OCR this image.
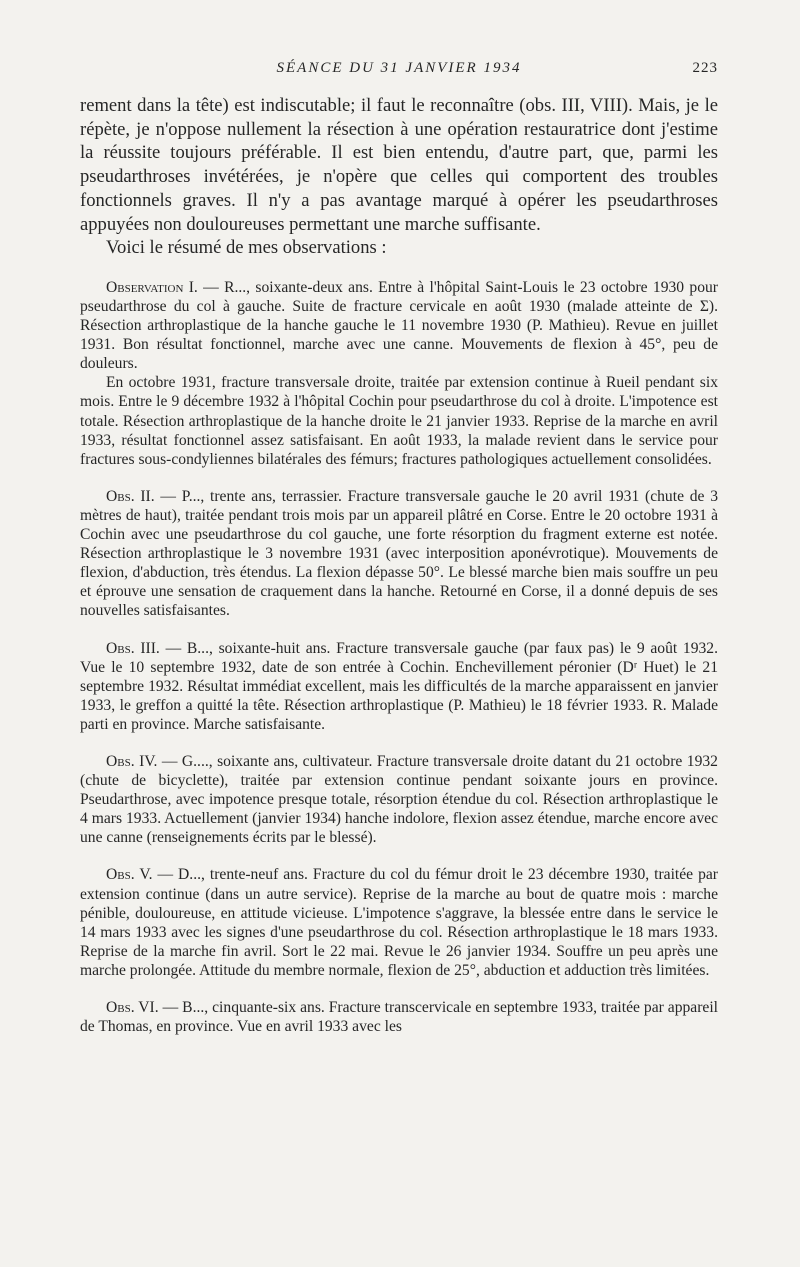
SÉANCE DU 31 JANVIER 1934	223

rement dans la tête) est indiscutable; il faut le reconnaître (obs. III, VIII). Mais, je le répète, je n'oppose nullement la résection à une opération restauratrice dont j'estime la réussite toujours préférable. Il est bien entendu, d'autre part, que, parmi les pseudarthroses invétérées, je n'opère que celles qui comportent des troubles fonctionnels graves. Il n'y a pas avantage marqué à opérer les pseudarthroses appuyées non douloureuses permettant une marche suffisante.

Voici le résumé de mes observations :

Observation I. — R..., soixante-deux ans. Entre à l'hôpital Saint-Louis le 23 octobre 1930 pour pseudarthrose du col à gauche. Suite de fracture cervicale en août 1930 (malade atteinte de Σ). Résection arthroplastique de la hanche gauche le 11 novembre 1930 (P. Mathieu). Revue en juillet 1931. Bon résultat fonctionnel, marche avec une canne. Mouvements de flexion à 45°, peu de douleurs.

En octobre 1931, fracture transversale droite, traitée par extension continue à Rueil pendant six mois. Entre le 9 décembre 1932 à l'hôpital Cochin pour pseudarthrose du col à droite. L'impotence est totale. Résection arthroplastique de la hanche droite le 21 janvier 1933. Reprise de la marche en avril 1933, résultat fonctionnel assez satisfaisant. En août 1933, la malade revient dans le service pour fractures sous-condyliennes bilatérales des fémurs; fractures pathologiques actuellement consolidées.

Obs. II. — P..., trente ans, terrassier. Fracture transversale gauche le 20 avril 1931 (chute de 3 mètres de haut), traitée pendant trois mois par un appareil plâtré en Corse. Entre le 20 octobre 1931 à Cochin avec une pseudarthrose du col gauche, une forte résorption du fragment externe est notée. Résection arthroplastique le 3 novembre 1931 (avec interposition aponévrotique). Mouvements de flexion, d'abduction, très étendus. La flexion dépasse 50°. Le blessé marche bien mais souffre un peu et éprouve une sensation de craquement dans la hanche. Retourné en Corse, il a donné depuis de ses nouvelles satisfaisantes.

Obs. III. — B..., soixante-huit ans. Fracture transversale gauche (par faux pas) le 9 août 1932. Vue le 10 septembre 1932, date de son entrée à Cochin. Enchevillement péronier (Dʳ Huet) le 21 septembre 1932. Résultat immédiat excellent, mais les difficultés de la marche apparaissent en janvier 1933, le greffon a quitté la tête. Résection arthroplastique (P. Mathieu) le 18 février 1933. R. Malade parti en province. Marche satisfaisante.

Obs. IV. — G...., soixante ans, cultivateur. Fracture transversale droite datant du 21 octobre 1932 (chute de bicyclette), traitée par extension continue pendant soixante jours en province. Pseudarthrose, avec impotence presque totale, résorption étendue du col. Résection arthroplastique le 4 mars 1933. Actuellement (janvier 1934) hanche indolore, flexion assez étendue, marche encore avec une canne (renseignements écrits par le blessé).

Obs. V. — D..., trente-neuf ans. Fracture du col du fémur droit le 23 décembre 1930, traitée par extension continue (dans un autre service). Reprise de la marche au bout de quatre mois : marche pénible, douloureuse, en attitude vicieuse. L'impotence s'aggrave, la blessée entre dans le service le 14 mars 1933 avec les signes d'une pseudarthrose du col. Résection arthroplastique le 18 mars 1933. Reprise de la marche fin avril. Sort le 22 mai. Revue le 26 janvier 1934. Souffre un peu après une marche prolongée. Attitude du membre normale, flexion de 25°, abduction et adduction très limitées.

Obs. VI. — B..., cinquante-six ans. Fracture transcervicale en septembre 1933, traitée par appareil de Thomas, en province. Vue en avril 1933 avec les
